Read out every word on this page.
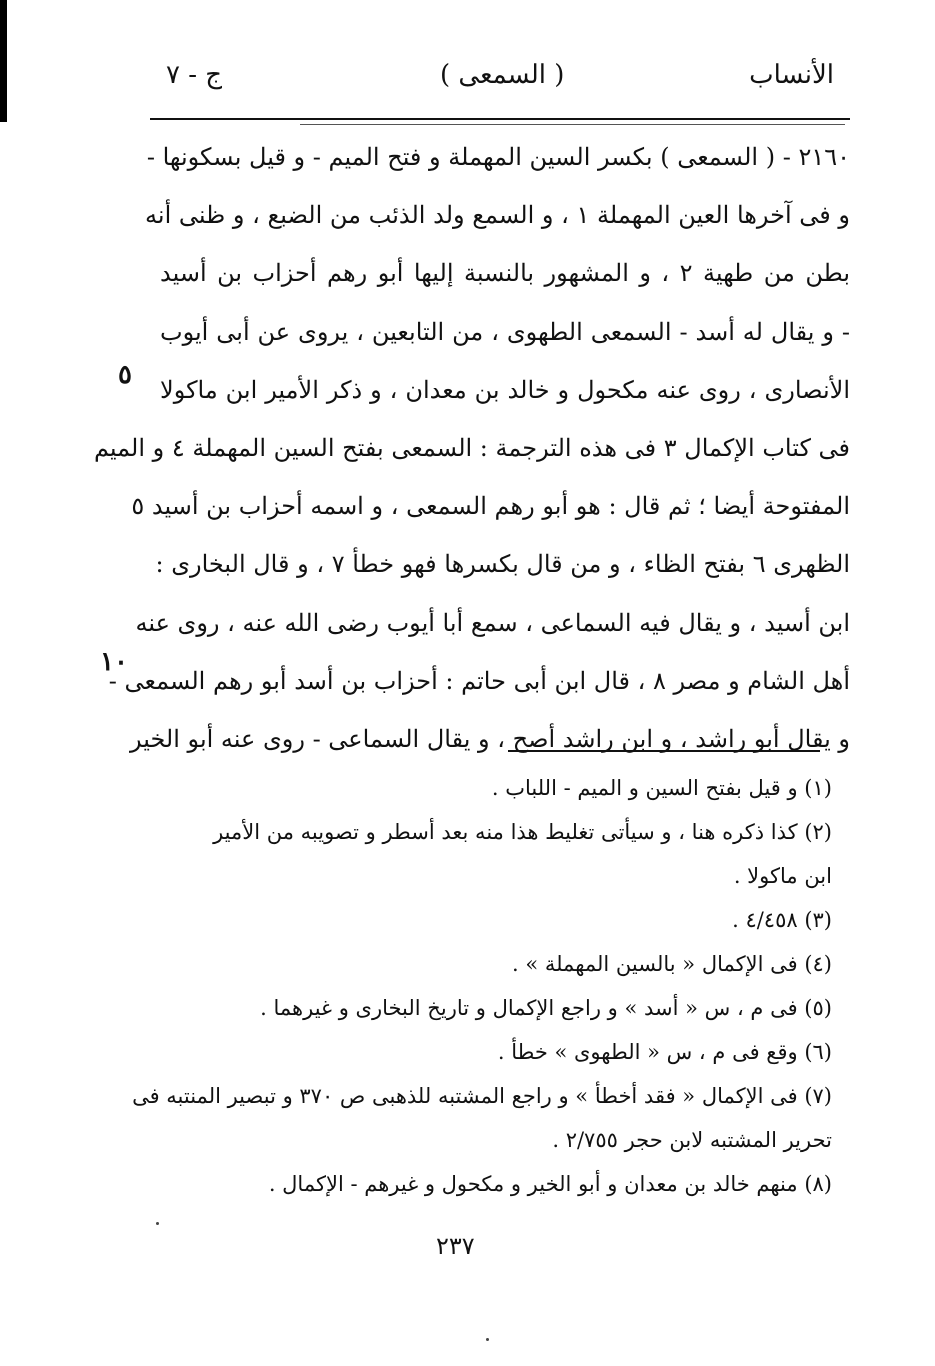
ج - ٧	( السمعى )	الأنساب
٢١٦٠ - ( السمعى ) بكسر السين المهملة و فتح الميم - و قيل بسكونها -
و فى آخرها العين المهملة ١ ، و السمع ولد الذئب من الضبع ، و ظنى أنه
بطن من طهية ٢ ، و المشهور بالنسبة إليها أبو رهم أحزاب بن أسيد
- و يقال له أسد - السمعى الطهوى ، من التابعين ، يروى عن أبى أيوب
الأنصارى ، روى عنه مكحول و خالد بن معدان ، و ذكر الأمير ابن ماكولا
فى كتاب الإكمال ٣ فى هذه الترجمة : السمعى بفتح السين المهملة ٤ و الميم
المفتوحة أيضا ؛ ثم قال : هو أبو رهم السمعى ، و اسمه أحزاب بن أسيد ٥
الظهرى ٦ بفتح الظاء ، و من قال بكسرها فهو خطأ ٧ ، و قال البخارى :
ابن أسيد ، و يقال فيه السماعى ، سمع أبا أيوب رضى الله عنه ، روى عنه
أهل الشام و مصر ٨ ، قال ابن أبى حاتم : أحزاب بن أسد أبو رهم السمعى -
و يقال أبو راشد ، و ابن راشد أصح ، و يقال السماعى - روى عنه أبو الخير
٥
١٠
(١) و قيل بفتح السين و الميم - اللباب .
(٢) كذا ذكره هنا ، و سيأتى تغليط هذا منه بعد أسطر و تصويبه من الأمير
ابن ماكولا .
(٣) ٤/٤٥٨ .
(٤) فى الإكمال « بالسين المهملة » .
(٥) فى م ، س « أسد » و راجع الإكمال و تاريخ البخارى و غيرهما .
(٦) وقع فى م ، س « الطهوى » خطأ .
(٧) فى الإكمال « فقد أخطأ » و راجع المشتبه للذهبى ص ٣٧٠ و تبصير المنتبه فى
تحرير المشتبه لابن حجر ٢/٧٥٥ .
(٨) منهم خالد بن معدان و أبو الخير و مكحول و غيرهم - الإكمال .
٢٣٧
